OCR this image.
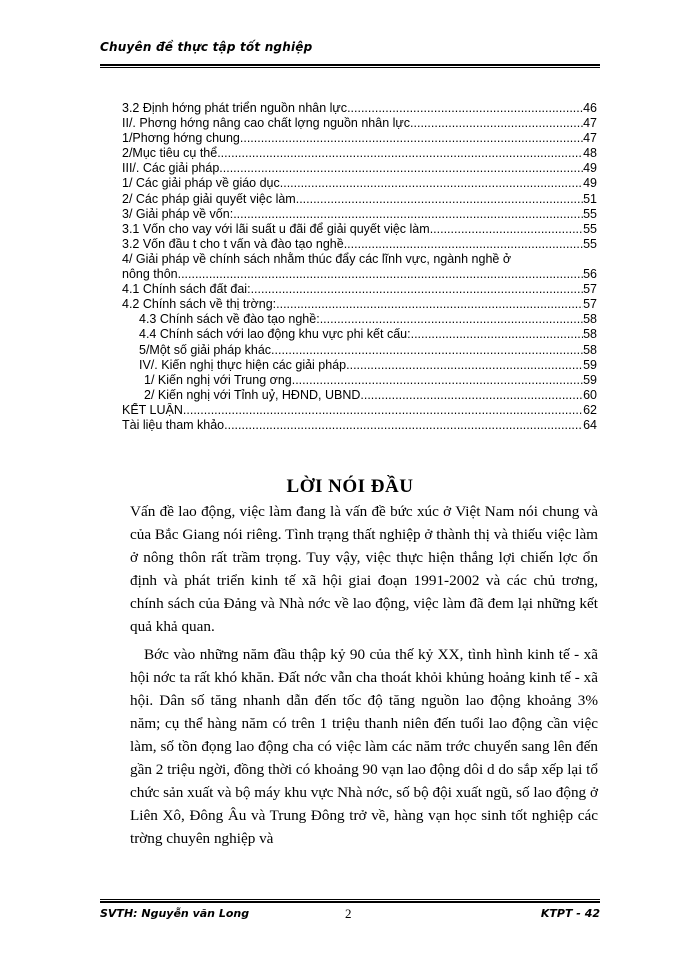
Chuyên đề thực tập tốt nghiệp
3.2 Định hớng phát triển nguồn nhân lực .....	46
II/. Phơng hớng nâng cao chất lợng nguồn nhân lực .....	47
1/Phơng hớng chung .....	47
2/Mục tiêu cụ thể .....	48
III/. Các giải pháp .....	49
1/ Các giải pháp về giáo dục. .....	49
2/ Các pháp giải quyết việc làm. .....	51
3/ Giải pháp về vốn: .....	55
3.1 Vốn cho vay với lãi suất u đãi để giải quyết việc làm .....	55
3.2 Vốn đầu t cho t vấn và đào tạo nghề. .....	55
4/ Giải pháp về chính sách nhằm thúc đẩy các lĩnh vực, ngành nghề ở
nông thôn .....	56
4.1 Chính sách đất đai: .....	57
4.2 Chính sách về thị trờng: .....	57
4.3 Chính sách về đào tạo nghề: .....	58
4.4 Chính sách với lao động khu vực phi kết cấu: .....	58
5/Một số giải pháp khác .....	58
IV/. Kiến nghị thực hiện các giải pháp. .....	59
1/ Kiến nghị với Trung ơng. .....	59
2/ Kiến nghị với Tỉnh uỷ, HĐND, UBND .....	60
KẾT LUẬN .....	62
Tài liệu tham khảo .....	64
LỜI NÓI ĐẦU

Vấn đề lao động, việc làm đang là vấn đề bức xúc ở Việt Nam nói chung và của Bắc Giang nói riêng. Tình trạng thất nghiệp ở thành thị và thiếu việc làm ở nông thôn rất trầm trọng. Tuy vậy, việc thực hiện thắng lợi chiến lợc ổn định và phát triển kinh tế xã hội giai đoạn 1991-2002 và các chủ trơng, chính sách của Đảng và Nhà nớc về lao động, việc làm đã đem lại những kết quả khả quan.

Bớc vào những năm đầu thập kỷ 90 của thế kỷ XX, tình hình kinh tế - xã hội nớc ta rất khó khăn. Đất nớc vẫn cha thoát khỏi khủng hoảng kinh tế - xã hội. Dân số tăng nhanh dẫn đến tốc độ tăng nguồn lao động khoảng 3% năm; cụ thể hàng năm có trên 1 triệu thanh niên đến tuổi lao động cần việc làm, số tồn đọng lao động cha có việc làm các năm trớc chuyển sang lên đến gần 2 triệu ngời, đồng thời có khoảng 90 vạn lao động dôi d do sắp xếp lại tổ chức sản xuất và bộ máy khu vực Nhà nớc, số bộ đội xuất ngũ, số lao động ở Liên Xô, Đông Âu và Trung Đông trở về, hàng vạn học sinh tốt nghiệp các trờng chuyên nghiệp và

SVTH: Nguyễn văn Long	2	KTPT - 42
